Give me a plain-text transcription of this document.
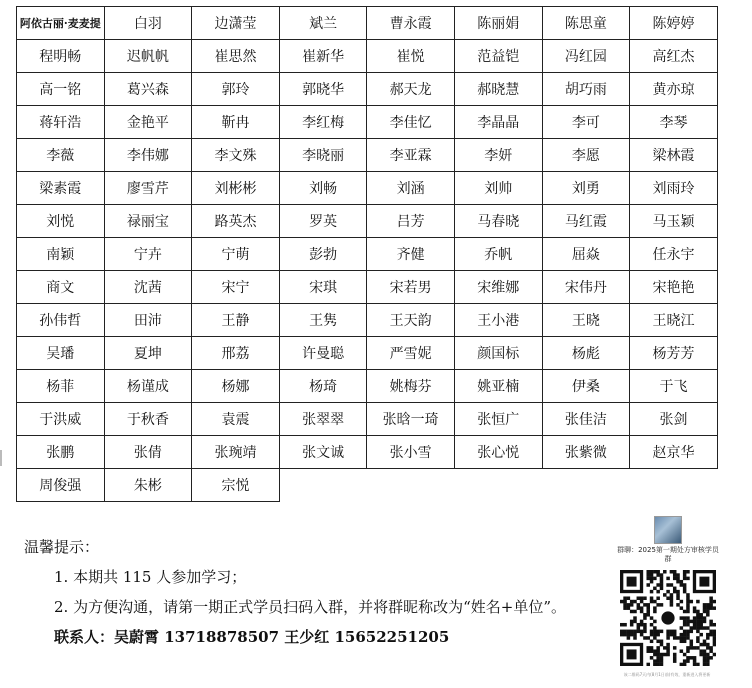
阿依古丽·麦麦提	白羽	边潇莹	斌兰	曹永霞	陈丽娟	陈思童	陈婷婷
程明畅	迟帆帆	崔思然	崔新华	崔悦	范益铠	冯红园	高红杰
高一铭	葛兴森	郭玲	郭晓华	郝天龙	郝晓慧	胡巧雨	黄亦琼
蒋轩浩	金艳平	靳冉	李红梅	李佳忆	李晶晶	李可	李琴
李薇	李伟娜	李文殊	李晓丽	李亚霖	李妍	李愿	梁林霞
梁素霞	廖雪芹	刘彬彬	刘畅	刘涵	刘帅	刘勇	刘雨玲
刘悦	禄丽宝	路英杰	罗英	吕芳	马春晓	马红霞	马玉颖
南颖	宁卉	宁萌	彭勃	齐健	乔帆	屈焱	任永宇
商文	沈茜	宋宁	宋琪	宋若男	宋维娜	宋伟丹	宋艳艳
孙伟哲	田沛	王静	王隽	王天韵	王小港	王晓	王晓江
吴璠	夏坤	邢荔	许曼聪	严雪妮	颜国标	杨彪	杨芳芳
杨菲	杨谨成	杨娜	杨琦	姚梅芬	姚亚楠	伊桑	于飞
于洪威	于秋香	袁震	张翠翠	张晗一琦	张恒广	张佳洁	张剑
张鹏	张倩	张琬靖	张文诚	张小雪	张心悦	张紫微	赵京华
周俊强	朱彬	宗悦					
温馨提示：
1. 本期共 115 人参加学习；
2. 为方便沟通，请第一期正式学员扫码入群，并将群昵称改为“姓名+单位”。
联系人：吴蔚霄 13718878507 王少红 15652251205
群聊：2025第一期处方审核学员群
该二维码7天内(8月1日前)有效，重新进入将更新
